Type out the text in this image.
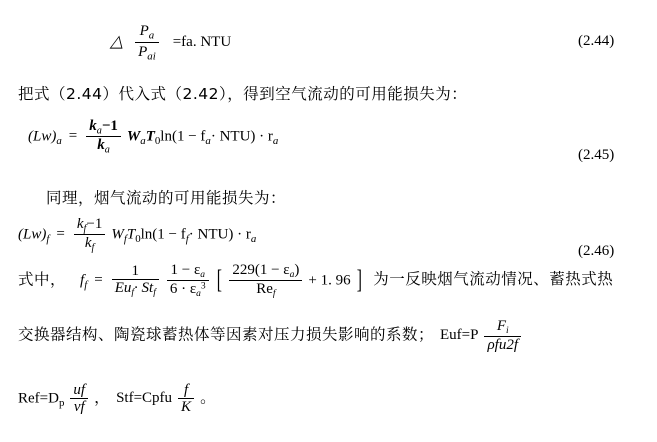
△ $\frac{P_a}{P_{ai}} =fa$. NTU	(2.44)
把式（2.44）代入式（2.42），得到空气流动的可用能损失为：
$(Lw)_a = \frac{k_a-1}{k_a} W_aT_0\ln(1 - f_a\cdot NTU) \cdot r_a$
(2.45)
同理，烟气流动的可用能损失为：
$(Lw)_f = \frac{k_f-1}{k_f} W_fT_0\ln(1 - f_f\cdot NTU) \cdot r_a$
(2.46)
式中， $f_f = \frac{1}{Eu_f\cdot St_f}$
$\frac{1 - \varepsilon_a}{6 \cdot \varepsilon_a^3}$ [ $\frac{229(1 - \varepsilon_a)}{Re_f} + 1$. 96 ] 为一反映烟气流动情况、蓄热式热
交换器结构、陶瓷球蓄热体等因素对压力损失影响的系数； $Euf=P \frac{F_i}{\text{ρfu2f}}$
$Ref=D_p \frac{uf}{vf}$ ， Stf=Cpfu $\frac{f}{K}$ 。
